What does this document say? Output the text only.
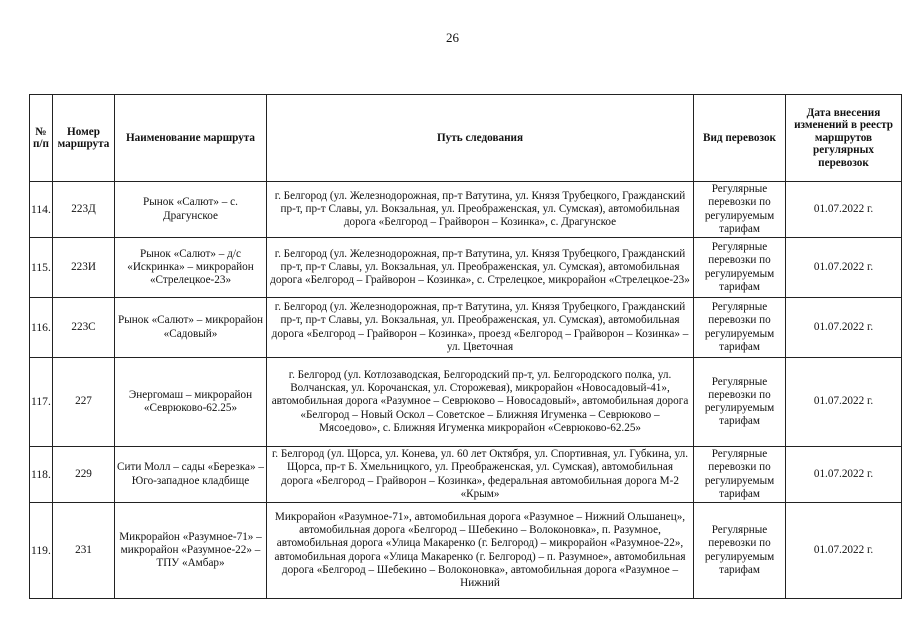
26
№ п/п	Номер маршрута	Наименование маршрута	Путь следования	Вид перевозок	Дата внесения изменений в реестр маршрутов регулярных перевозок
114.	223Д	Рынок «Салют» – с. Драгунское	г. Белгород (ул. Железнодорожная, пр-т Ватутина, ул. Князя Трубецкого, Гражданский пр-т, пр-т Славы, ул. Вокзальная, ул. Преображенская, ул. Сумская), автомобильная дорога «Белгород – Грайворон – Козинка», с. Драгунское	Регулярные перевозки по регулируемым тарифам	01.07.2022 г.
115.	223И	Рынок «Салют» – д/с «Искринка» – микрорайон «Стрелецкое-23»	г. Белгород (ул. Железнодорожная, пр-т Ватутина, ул. Князя Трубецкого, Гражданский пр-т, пр-т Славы, ул. Вокзальная, ул. Преображенская, ул. Сумская), автомобильная дорога «Белгород – Грайворон – Козинка», с. Стрелецкое, микрорайон «Стрелецкое-23»	Регулярные перевозки по регулируемым тарифам	01.07.2022 г.
116.	223С	Рынок «Салют» – микрорайон «Садовый»	г. Белгород (ул. Железнодорожная, пр-т Ватутина, ул. Князя Трубецкого, Гражданский пр-т, пр-т Славы, ул. Вокзальная, ул. Преображенская, ул. Сумская), автомобильная дорога «Белгород – Грайворон – Козинка», проезд «Белгород – Грайворон – Козинка» – ул. Цветочная	Регулярные перевозки по регулируемым тарифам	01.07.2022 г.
117.	227	Энергомаш – микрорайон «Севрюково-62.25»	г. Белгород (ул. Котлозаводская, Белгородский пр-т, ул. Белгородского полка, ул. Волчанская, ул. Корочанская, ул. Сторожевая), микрорайон «Новосадовый-41», автомобильная дорога «Разумное – Севрюково – Новосадовый», автомобильная дорога «Белгород – Новый Оскол – Советское – Ближняя Игуменка – Севрюково – Мясоедово», с. Ближняя Игуменка микрорайон «Севрюково-62.25»	Регулярные перевозки по регулируемым тарифам	01.07.2022 г.
118.	229	Сити Молл – сады «Березка» – Юго-западное кладбище	г. Белгород (ул. Щорса, ул. Конева, ул. 60 лет Октября, ул. Спортивная, ул. Губкина, ул. Щорса, пр-т Б. Хмельницкого, ул. Преображенская, ул. Сумская), автомобильная дорога «Белгород – Грайворон – Козинка», федеральная автомобильная дорога М-2 «Крым»	Регулярные перевозки по регулируемым тарифам	01.07.2022 г.
119.	231	Микрорайон «Разумное-71» – микрорайон «Разумное-22» – ТПУ «Амбар»	Микрорайон «Разумное-71», автомобильная дорога «Разумное – Нижний Ольшанец», автомобильная дорога «Белгород – Шебекино – Волоконовка», п. Разумное, автомобильная дорога «Улица Макаренко (г. Белгород) – микрорайон «Разумное-22», автомобильная дорога «Улица Макаренко (г. Белгород) – п. Разумное», автомобильная дорога «Белгород – Шебекино – Волоконовка», автомобильная дорога «Разумное – Нижний	Регулярные перевозки по регулируемым тарифам	01.07.2022 г.
